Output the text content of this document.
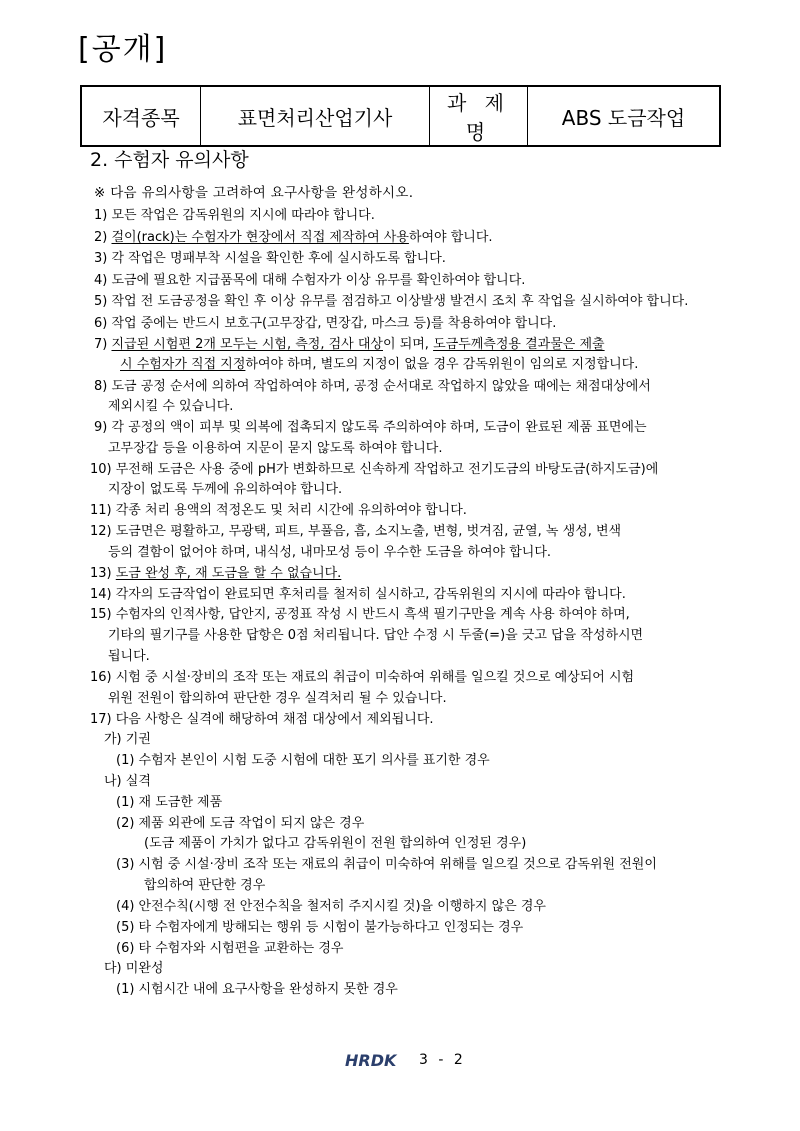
[공개]
자격종목	표면처리산업기사	과 제 명	ABS 도금작업
2. 수험자 유의사항
※ 다음 유의사항을 고려하여 요구사항을 완성하시오.
1) 모든 작업은 감독위원의 지시에 따라야 합니다.
2) 걸이(rack)는 수험자가 현장에서 직접 제작하여 사용하여야 합니다.
3) 각 작업은 명패부착 시설을 확인한 후에 실시하도록 합니다.
4) 도금에 필요한 지급품목에 대해 수험자가 이상 유무를 확인하여야 합니다.
5) 작업 전 도금공정을 확인 후 이상 유무를 점검하고 이상발생 발견시 조치 후 작업을 실시하여야 합니다.
6) 작업 중에는 반드시 보호구(고무장갑, 면장갑, 마스크 등)를 착용하여야 합니다.
7) 지급된 시험편 2개 모두는 시험, 측정, 검사 대상이 되며, 도금두께측정용 결과물은 제출
시 수험자가 직접 지정하여야 하며, 별도의 지정이 없을 경우 감독위원이 임의로 지정합니다.
8) 도금 공정 순서에 의하여 작업하여야 하며, 공정 순서대로 작업하지 않았을 때에는 채점대상에서
제외시킬 수 있습니다.
9) 각 공정의 액이 피부 및 의복에 접촉되지 않도록 주의하여야 하며, 도금이 완료된 제품 표면에는
고무장갑 등을 이용하여 지문이 묻지 않도록 하여야 합니다.
10) 무전해 도금은 사용 중에 pH가 변화하므로 신속하게 작업하고 전기도금의 바탕도금(하지도금)에
지장이 없도록 두께에 유의하여야 합니다.
11) 각종 처리 용액의 적정온도 및 처리 시간에 유의하여야 합니다.
12) 도금면은 평활하고, 무광택, 피트, 부풀음, 흠, 소지노출, 변형, 벗겨짐, 균열, 녹 생성, 변색
등의 결함이 없어야 하며, 내식성, 내마모성 등이 우수한 도금을 하여야 합니다.
13) 도금 완성 후, 재 도금을 할 수 없습니다.
14) 각자의 도금작업이 완료되면 후처리를 철저히 실시하고, 감독위원의 지시에 따라야 합니다.
15) 수험자의 인적사항, 답안지, 공정표 작성 시 반드시 흑색 필기구만을 계속 사용 하여야 하며,
기타의 필기구를 사용한 답항은 0점 처리됩니다. 답안 수정 시 두줄(=)을 긋고 답을 작성하시면
됩니다.
16) 시험 중 시설·장비의 조작 또는 재료의 취급이 미숙하여 위해를 일으킬 것으로 예상되어 시험
위원 전원이 합의하여 판단한 경우 실격처리 될 수 있습니다.
17) 다음 사항은 실격에 해당하여 채점 대상에서 제외됩니다.
가) 기권
(1) 수험자 본인이 시험 도중 시험에 대한 포기 의사를 표기한 경우
나) 실격
(1) 재 도금한 제품
(2) 제품 외관에 도금 작업이 되지 않은 경우
(도금 제품이 가치가 없다고 감독위원이 전원 합의하여 인정된 경우)
(3) 시험 중 시설·장비 조작 또는 재료의 취급이 미숙하여 위해를 일으킬 것으로 감독위원 전원이
합의하여 판단한 경우
(4) 안전수칙(시행 전 안전수칙을 철저히 주지시킬 것)을 이행하지 않은 경우
(5) 타 수험자에게 방해되는 행위 등 시험이 불가능하다고 인정되는 경우
(6) 타 수험자와 시험편을 교환하는 경우
다) 미완성
(1) 시험시간 내에 요구사항을 완성하지 못한 경우
HRDK 3 - 2
